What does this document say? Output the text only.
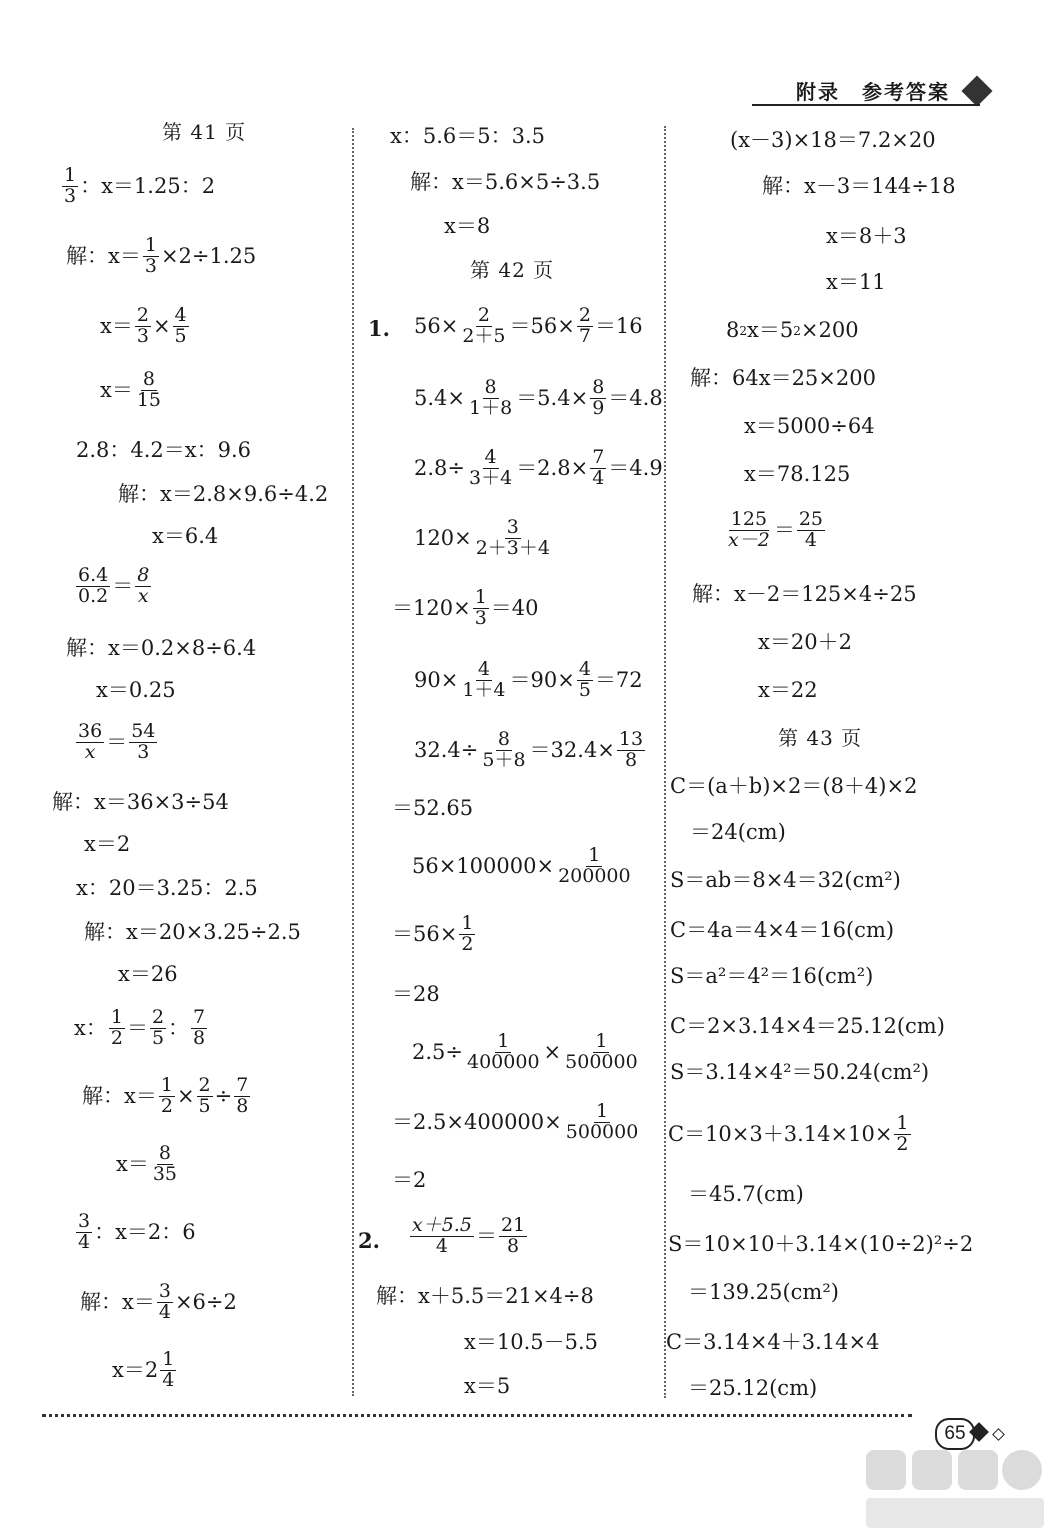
附录　参考答案
第 41 页
1
3 ：x＝1.25：2
解：$x= \frac{1}{3} \times 2\div 1.25$
$x= \frac{2}{3} \times \frac{4}{5}$
x＝ 8
15
2.8：4.2＝x：9.6
解：x＝2.8×9.6÷4.2
x＝6.4
6.4
0.2 ＝ 8
x
解：x＝0.2×8÷6.4
x＝0.25
36
x ＝ 54
3
解：x＝36×3÷54
x＝2
x：20＝3.25：2.5
解：x＝20×3.25÷2.5
x＝26
x： 1
2 ＝ 2
5 ： 7
8
解：$x= \frac{1}{2} \times \frac{2}{5} \div \frac{7}{8}$
x＝ 8
35
3
4 ：x＝2：6
解：$x= \frac{3}{4} \times 6\div 2$
x＝2 1
4
x：5.6＝5：3.5
解：x＝5.6×5÷3.5
x＝8
第 42 页
1. $56\times \frac{2}{2+5} =56\times \frac{2}{7} =16$
$5.4\times \frac{8}{1+8} =5.4\times \frac{8}{9} =4.8$
$2.8\div \frac{4}{3+4} =2.8\times \frac{7}{4} =4.9$
$120\times \frac{3}{2+3+4}$
$=120\times \frac{1}{3} =40$
$90\times \frac{4}{1+4} =90\times \frac{4}{5} =72$
$32.4\div \frac{8}{5+8} =32.4\times \frac{13}{8}$
＝52.65
$56\times 100000\times \frac{1}{200000}$
$=56\times \frac{1}{2}$
＝28
$2.5\div \frac{1}{400000} \times \frac{1}{500000}$
$=2.5\times 400000\times \frac{1}{500000}$
＝2
2.
x＋5.5
4 ＝ 21
8
解：x＋5.5＝21×4÷8
x＝10.5－5.5
x＝5
(x－3)×18＝7.2×20
解：x－3＝144÷18
x＝8＋3
x＝11
8 2 x＝5 2 ×200
解：64x＝25×200
x＝5000÷64
x＝78.125
125
x－2 ＝ 25
4
解：x－2＝125×4÷25
x＝20＋2
x＝22
第 43 页
C＝(a＋b)×2＝(8＋4)×2
＝24(cm)
S＝ab＝8×4＝32(cm²)
C＝4a＝4×4＝16(cm)
S＝a²＝4²＝16(cm²)
C＝2×3.14×4＝25.12(cm)
S＝3.14×4²＝50.24(cm²)
$C=10\times 3+3.14\times 10\times \frac{1}{2}$
＝45.7(cm)
S＝10×10＋3.14×(10÷2)²÷2
＝139.25(cm²)
C＝3.14×4＋3.14×4
＝25.12(cm)
65
